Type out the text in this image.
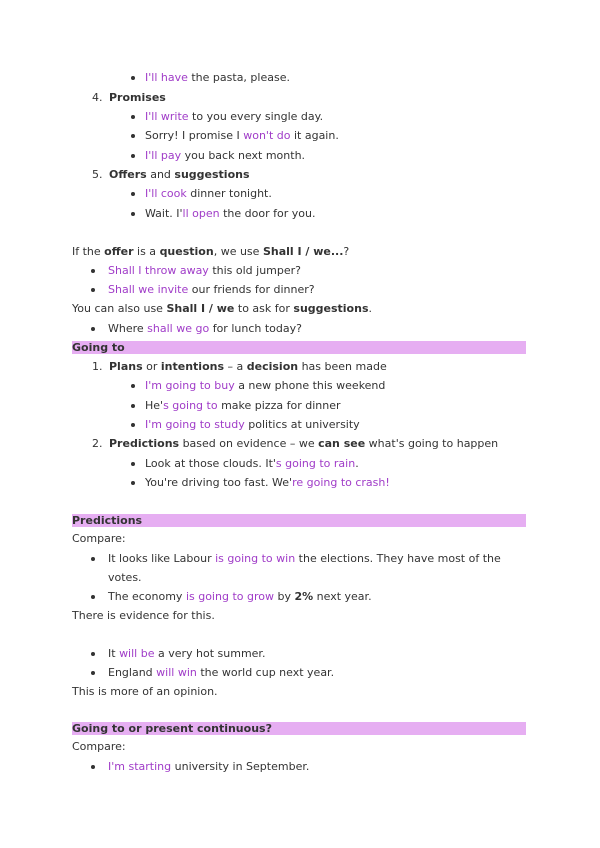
I'll have the pasta, please.
4. Promises
I'll write to you every single day.
Sorry! I promise I won't do it again.
I'll pay you back next month.
5. Offers and suggestions
I'll cook dinner tonight.
Wait. I'll open the door for you.
If the offer is a question, we use Shall I / we...?
Shall I throw away this old jumper?
Shall we invite our friends for dinner?
You can also use Shall I / we to ask for suggestions.
Where shall we go for lunch today?
Going to
1. Plans or intentions – a decision has been made
I'm going to buy a new phone this weekend
He's going to make pizza for dinner
I'm going to study politics at university
2. Predictions based on evidence – we can see what's going to happen
Look at those clouds. It's going to rain.
You're driving too fast. We're going to crash!
Predictions
Compare:
It looks like Labour is going to win the elections. They have most of the
votes.
The economy is going to grow by 2% next year.
There is evidence for this.
It will be a very hot summer.
England will win the world cup next year.
This is more of an opinion.
Going to or present continuous?
Compare:
I'm starting university in September.
